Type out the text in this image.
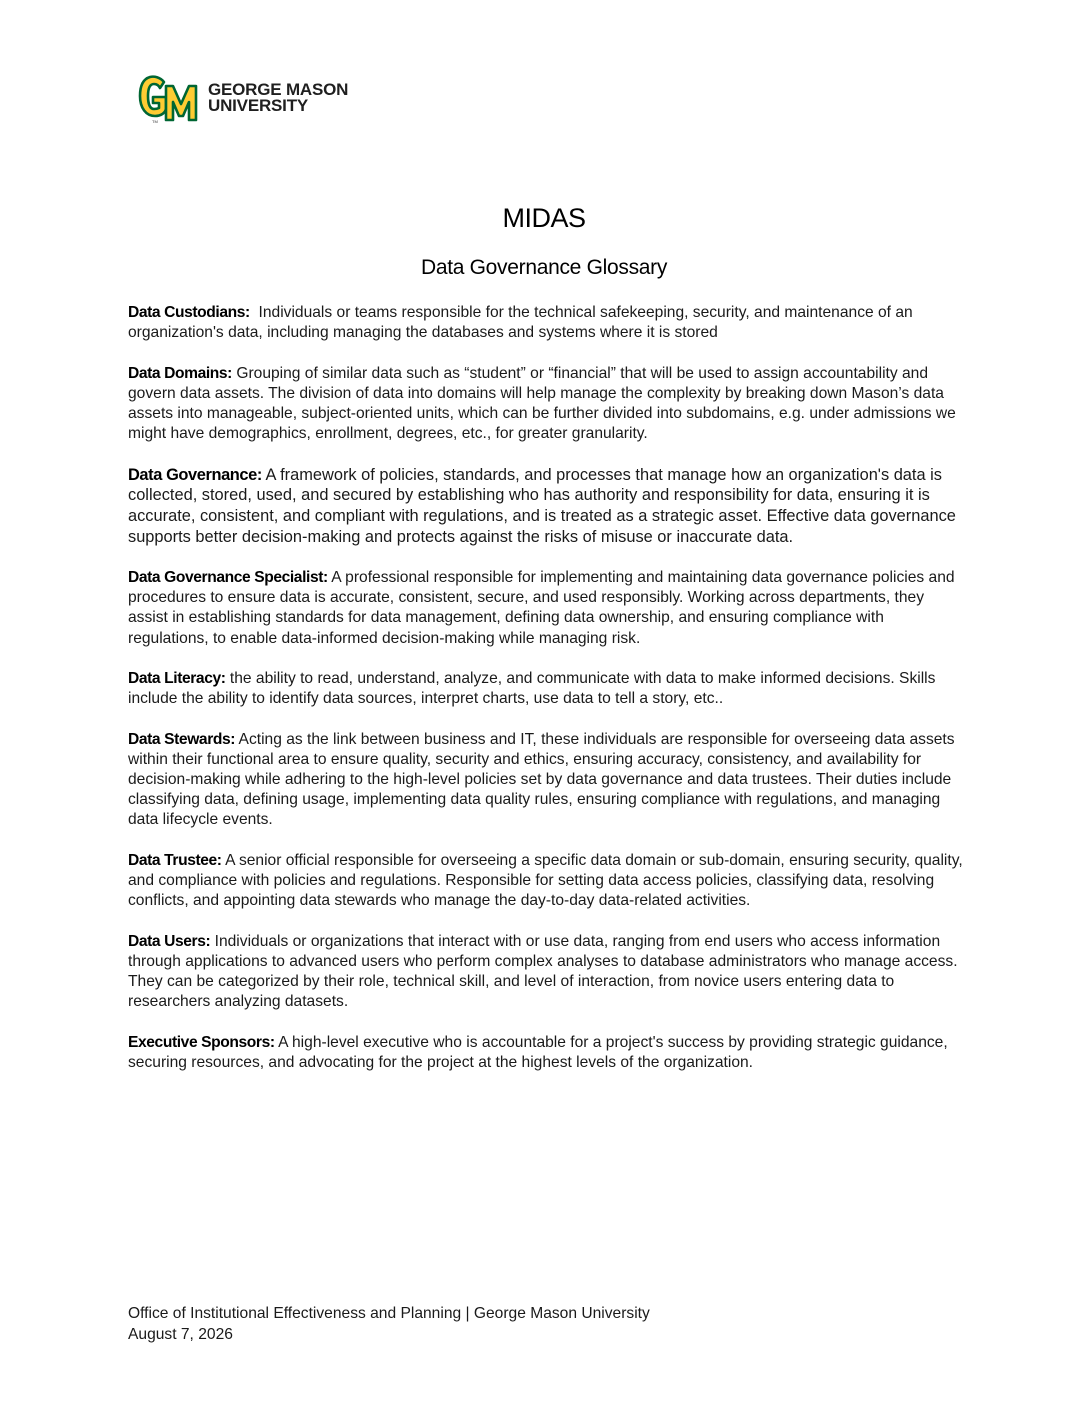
TM
GEORGE MASON
UNIVERSITY
MIDAS
Data Governance Glossary

Data Custodians: Individuals or teams responsible for the technical safekeeping, security, and maintenance of an organization's data, including managing the databases and systems where it is stored

Data Domains: Grouping of similar data such as “student” or “financial” that will be used to assign accountability and govern data assets. The division of data into domains will help manage the complexity by breaking down Mason’s data assets into manageable, subject-oriented units, which can be further divided into subdomains, e.g. under admissions we might have demographics, enrollment, degrees, etc., for greater granularity.

Data Governance: A framework of policies, standards, and processes that manage how an organization's data is collected, stored, used, and secured by establishing who has authority and responsibility for data, ensuring it is accurate, consistent, and compliant with regulations, and is treated as a strategic asset. Effective data governance supports better decision-making and protects against the risks of misuse or inaccurate data.

Data Governance Specialist: A professional responsible for implementing and maintaining data governance policies and procedures to ensure data is accurate, consistent, secure, and used responsibly. Working across departments, they assist in establishing standards for data management, defining data ownership, and ensuring compliance with regulations, to enable data-informed decision-making while managing risk.

Data Literacy: the ability to read, understand, analyze, and communicate with data to make informed decisions. Skills include the ability to identify data sources, interpret charts, use data to tell a story, etc..

Data Stewards: Acting as the link between business and IT, these individuals are responsible for overseeing data assets within their functional area to ensure quality, security and ethics, ensuring accuracy, consistency, and availability for decision-making while adhering to the high-level policies set by data governance and data trustees. Their duties include classifying data, defining usage, implementing data quality rules, ensuring compliance with regulations, and managing data lifecycle events.

Data Trustee: A senior official responsible for overseeing a specific data domain or sub-domain, ensuring security, quality, and compliance with policies and regulations. Responsible for setting data access policies, classifying data, resolving conflicts, and appointing data stewards who manage the day-to-day data-related activities.

Data Users: Individuals or organizations that interact with or use data, ranging from end users who access information through applications to advanced users who perform complex analyses to database administrators who manage access. They can be categorized by their role, technical skill, and level of interaction, from novice users entering data to researchers analyzing datasets.

Executive Sponsors: A high-level executive who is accountable for a project's success by providing strategic guidance, securing resources, and advocating for the project at the highest levels of the organization.

Office of Institutional Effectiveness and Planning | George Mason University
August 7, 2026
